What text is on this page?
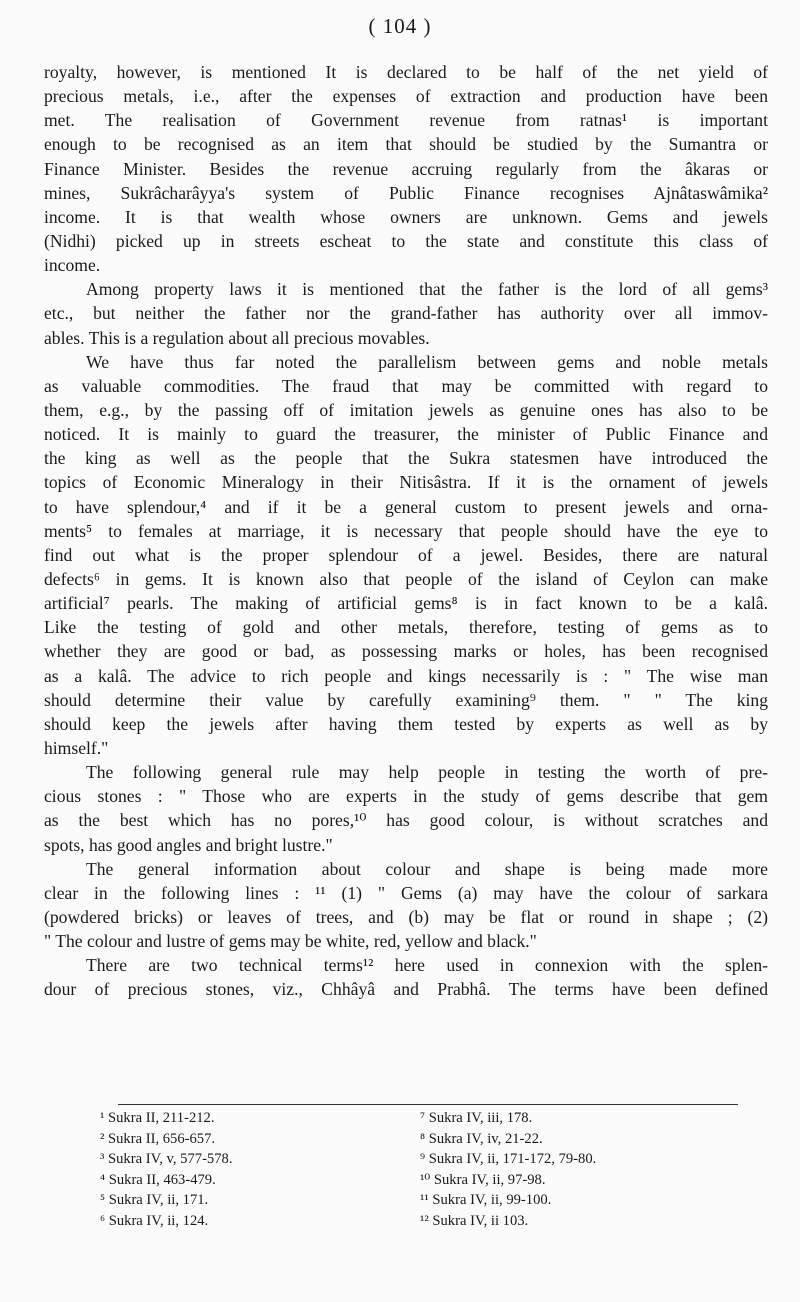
( 104 )
royalty, however, is mentioned It is declared to be half of the net yield of
precious metals, i.e., after the expenses of extraction and production have been
met. The realisation of Government revenue from ratnas¹ is important
enough to be recognised as an item that should be studied by the Sumantra or
Finance Minister. Besides the revenue accruing regularly from the âkaras or
mines, Sukrâcharâyya's system of Public Finance recognises Ajnâtaswâmika²
income. It is that wealth whose owners are unknown. Gems and jewels
(Nidhi) picked up in streets escheat to the state and constitute this class of
income.
Among property laws it is mentioned that the father is the lord of all gems³
etc., but neither the father nor the grand-father has authority over all immov-
ables. This is a regulation about all precious movables.
We have thus far noted the parallelism between gems and noble metals
as valuable commodities. The fraud that may be committed with regard to
them, e.g., by the passing off of imitation jewels as genuine ones has also to be
noticed. It is mainly to guard the treasurer, the minister of Public Finance and
the king as well as the people that the Sukra statesmen have introduced the
topics of Economic Mineralogy in their Nitisâstra. If it is the ornament of jewels
to have splendour,⁴ and if it be a general custom to present jewels and orna-
ments⁵ to females at marriage, it is necessary that people should have the eye to
find out what is the proper splendour of a jewel. Besides, there are natural
defects⁶ in gems. It is known also that people of the island of Ceylon can make
artificial⁷ pearls. The making of artificial gems⁸ is in fact known to be a kalâ.
Like the testing of gold and other metals, therefore, testing of gems as to
whether they are good or bad, as possessing marks or holes, has been recognised
as a kalâ. The advice to rich people and kings necessarily is : " The wise man
should determine their value by carefully examining⁹ them. " " The king
should keep the jewels after having them tested by experts as well as by
himself."
The following general rule may help people in testing the worth of pre-
cious stones : " Those who are experts in the study of gems describe that gem
as the best which has no pores,¹⁰ has good colour, is without scratches and
spots, has good angles and bright lustre."
The general information about colour and shape is being made more
clear in the following lines : ¹¹ (1) " Gems (a) may have the colour of sarkara
(powdered bricks) or leaves of trees, and (b) may be flat or round in shape ; (2)
" The colour and lustre of gems may be white, red, yellow and black."
There are two technical terms¹² here used in connexion with the splen-
dour of precious stones, viz., Chhâyâ and Prabhâ. The terms have been defined
¹ Sukra II, 211-212.
² Sukra II, 656-657.
³ Sukra IV, v, 577-578.
⁴ Sukra II, 463-479.
⁵ Sukra IV, ii, 171.
⁶ Sukra IV, ii, 124.
⁷ Sukra IV, iii, 178.
⁸ Sukra IV, iv, 21-22.
⁹ Sukra IV, ii, 171-172, 79-80.
¹⁰ Sukra IV, ii, 97-98.
¹¹ Sukra IV, ii, 99-100.
¹² Sukra IV, ii 103.
